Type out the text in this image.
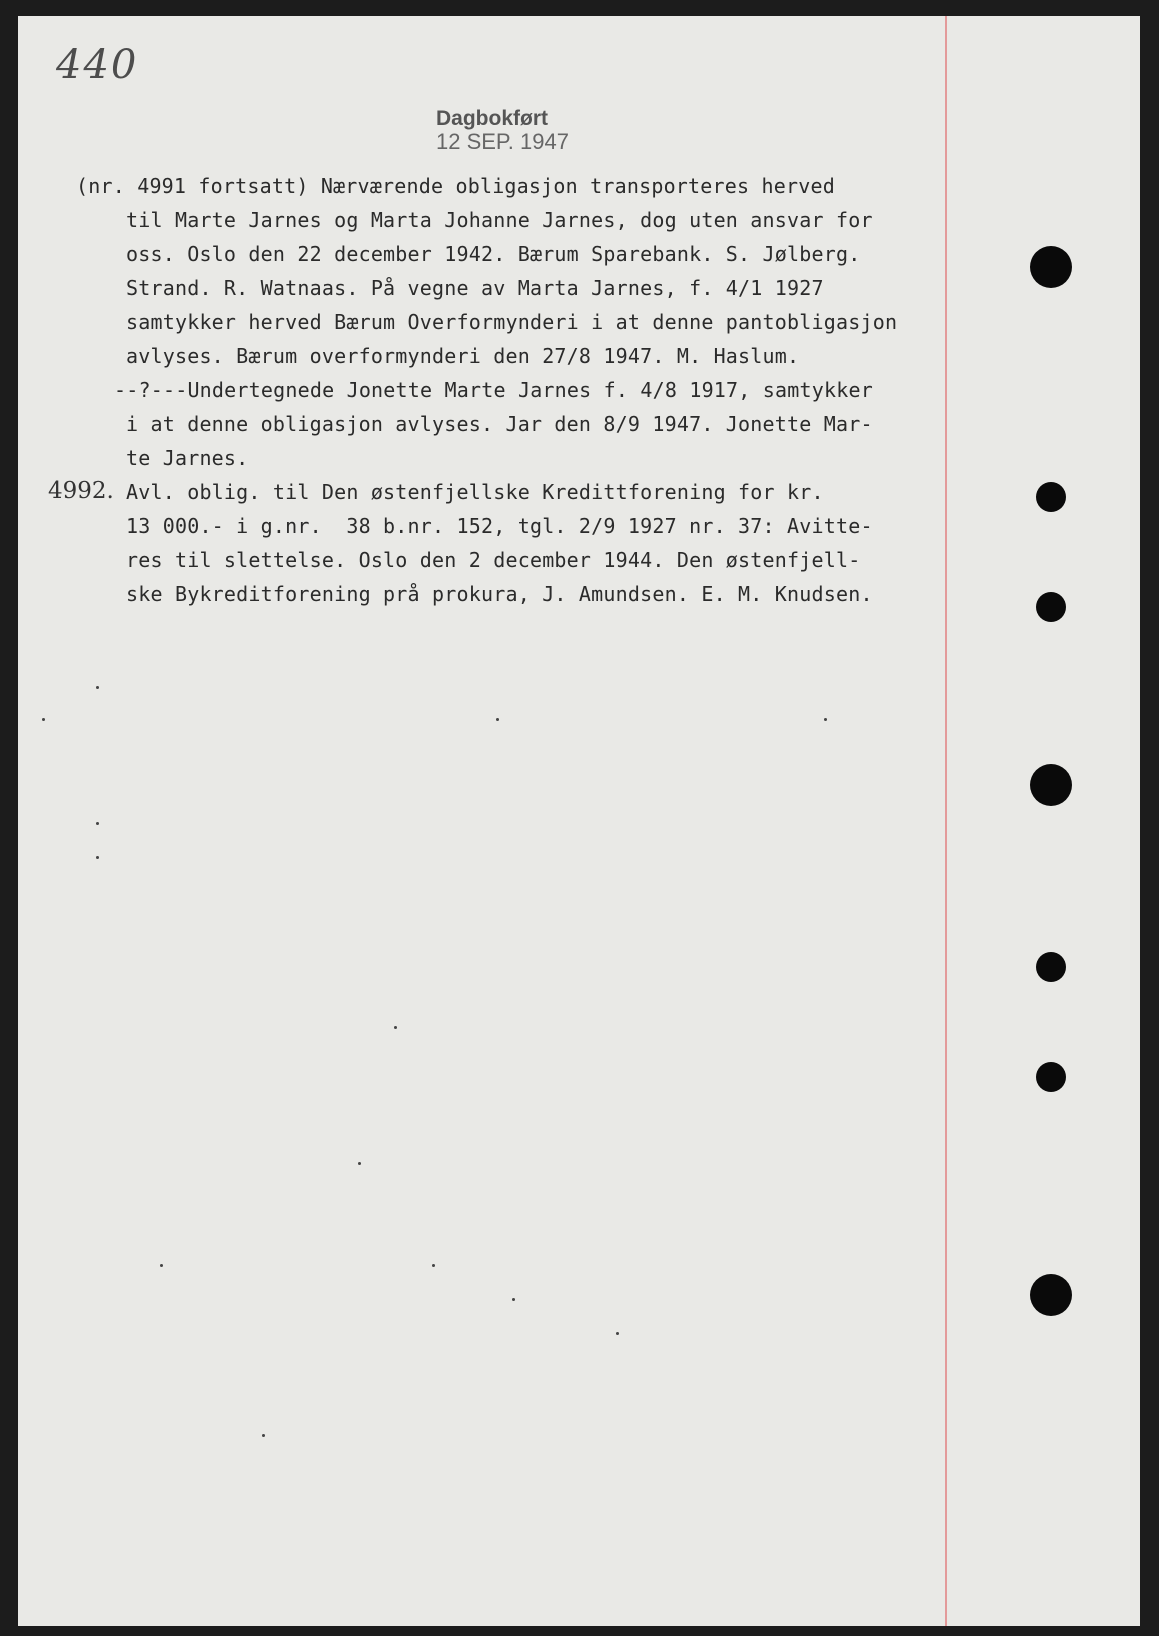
440
Dagbokført
12 SEP. 1947
(nr. 4991 fortsatt) Nærværende obligasjon transporteres herved
til Marte Jarnes og Marta Johanne Jarnes, dog uten ansvar for
oss. Oslo den 22 december 1942. Bærum Sparebank. S. Jølberg.
Strand. R. Watnaas. På vegne av Marta Jarnes, f. 4/1 1927
samtykker herved Bærum Overformynderi i at denne pantobligasjon
avlyses. Bærum overformynderi den 27/8 1947. M. Haslum.
--?---Undertegnede Jonette Marte Jarnes f. 4/8 1917, samtykker
i at denne obligasjon avlyses. Jar den 8/9 1947. Jonette Mar-
te Jarnes.
4992. Avl. oblig. til Den østenfjellske Kredittforening for kr.
13 000.- i g.nr.  38 b.nr. 152, tgl. 2/9 1927 nr. 37: Avitte-
res til slettelse. Oslo den 2 december 1944. Den østenfjell-
ske Bykreditforening prå prokura, J. Amundsen. E. M. Knudsen.
